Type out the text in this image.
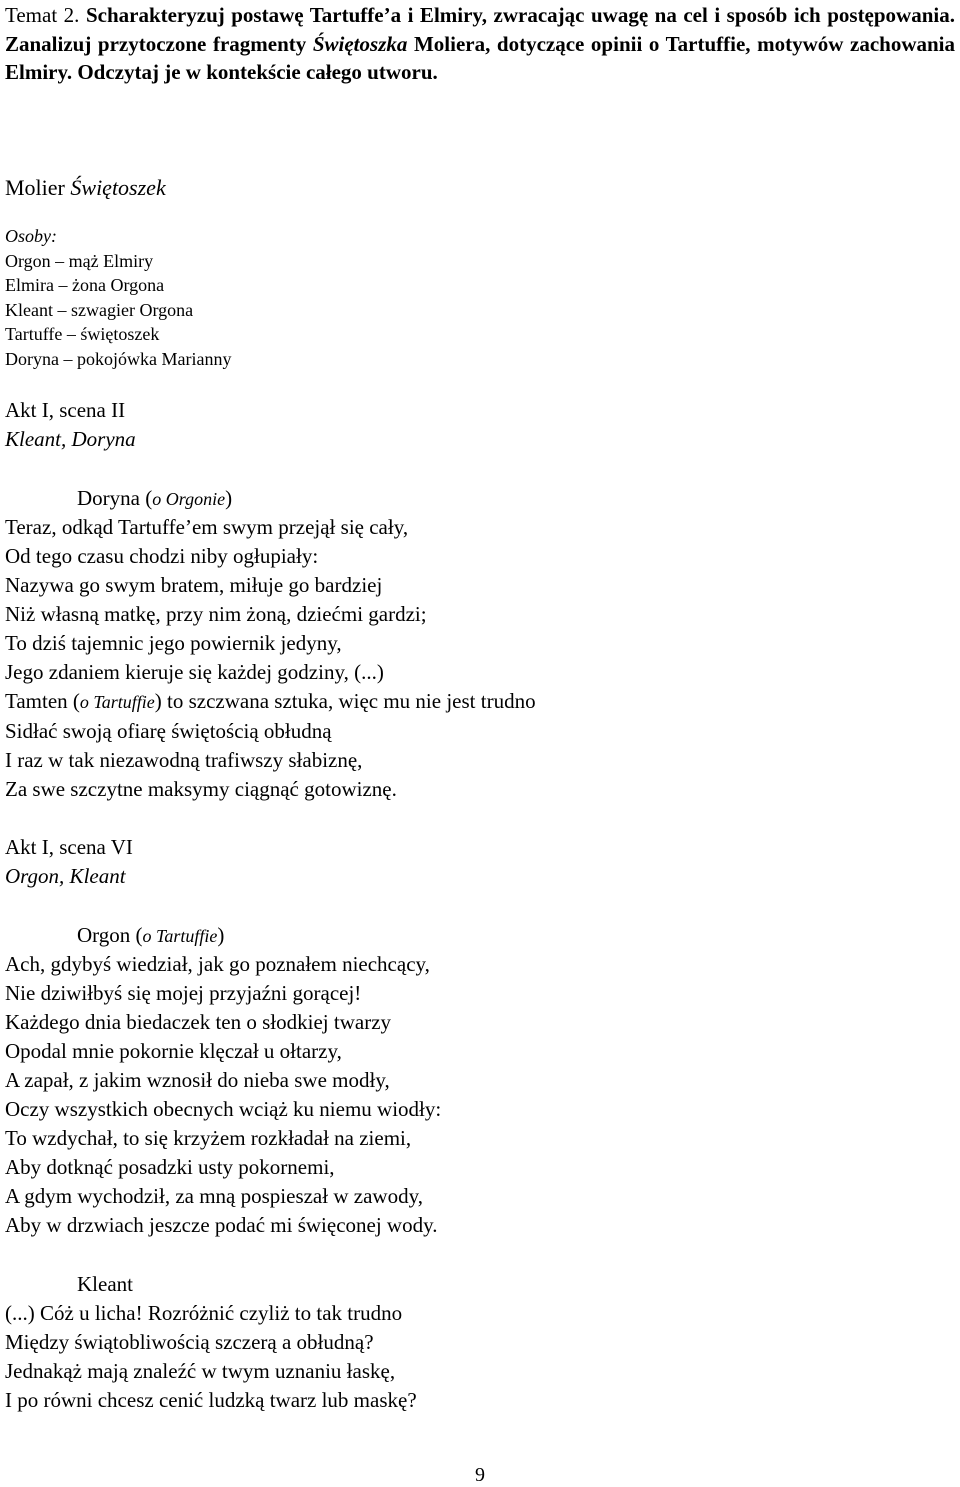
Temat 2. Scharakteryzuj postawę Tartuffe’a i Elmiry, zwracając uwagę na cel i sposób ich postępowania. Zanalizuj przytoczone fragmenty Świętoszka Moliera, dotyczące opinii o Tartuffie, motywów zachowania Elmiry. Odczytaj je w kontekście całego utworu.
Molier Świętoszek
Osoby:
Orgon – mąż Elmiry
Elmira – żona Orgona
Kleant – szwagier Orgona
Tartuffe – świętoszek
Doryna – pokojówka Marianny
Akt I, scena II
Kleant, Doryna
Doryna (o Orgonie)
Teraz, odkąd Tartuffe’em swym przejął się cały,
Od tego czasu chodzi niby ogłupiały:
Nazywa go swym bratem, miłuje go bardziej
Niż własną matkę, przy nim żoną, dziećmi gardzi;
To dziś tajemnic jego powiernik jedyny,
Jego zdaniem kieruje się każdej godziny, (...)
Tamten (o Tartuffie) to szczwana sztuka, więc mu nie jest trudno
Sidłać swoją ofiarę świętością obłudną
I raz w tak niezawodną trafiwszy słabiznę,
Za swe szczytne maksymy ciągnąć gotowiznę.
Akt I, scena VI
Orgon, Kleant
Orgon (o Tartuffie)
Ach, gdybyś wiedział, jak go poznałem niechcący,
Nie dziwiłbyś się mojej przyjaźni gorącej!
Każdego dnia biedaczek ten o słodkiej twarzy
Opodal mnie pokornie klęczał u ołtarzy,
A zapał, z jakim wznosił do nieba swe modły,
Oczy wszystkich obecnych wciąż ku niemu wiodły:
To wzdychał, to się krzyżem rozkładał na ziemi,
Aby dotknąć posadzki usty pokornemi,
A gdym wychodził, za mną pospieszał w zawody,
Aby w drzwiach jeszcze podać mi święconej wody.
Kleant
(...) Cóż u licha! Rozróżnić czyliż to tak trudno
Między świątobliwością szczerą a obłudną?
Jednakąż mają znaleźć w twym uznaniu łaskę,
I po równi chcesz cenić ludzką twarz lub maskę?
9
